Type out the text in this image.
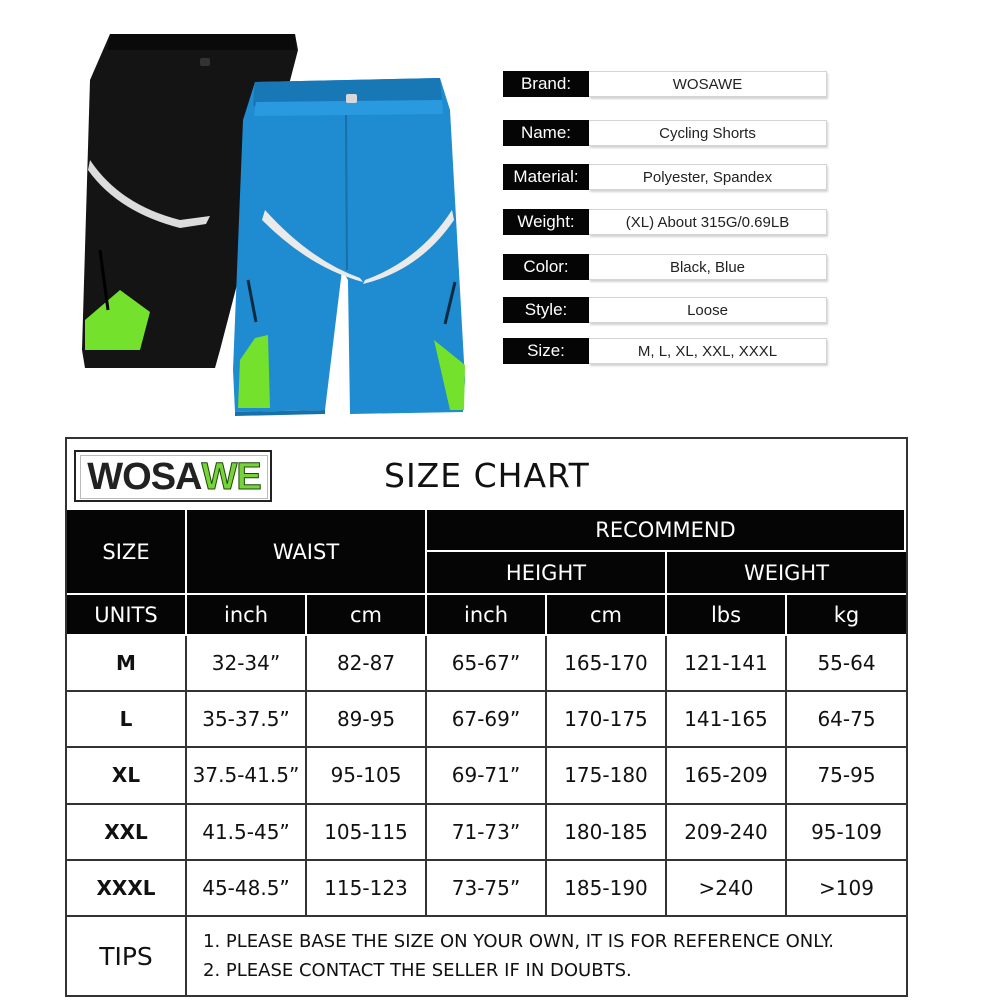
Brand:	WOSAWE
Name:	Cycling Shorts
Material:	Polyester, Spandex
Weight:	(XL) About 315G/0.69LB
Color:	Black, Blue
Style:	Loose
Size:	M, L, XL, XXL, XXXL
WOSA WE	SIZE CHART
SIZE	WAIST
RECOMMEND
HEIGHT	WEIGHT
UNITS	inch	cm	inch	cm	lbs	kg
M	32-34”	82-87	65-67”	165-170	121-141	55-64
L	35-37.5”	89-95	67-69”	170-175	141-165	64-75
XL	37.5-41.5”	95-105	69-71”	175-180	165-209	75-95
XXL	41.5-45”	105-115	71-73”	180-185	209-240	95-109
XXXL	45-48.5”	115-123	73-75”	185-190	>240	>109
TIPS	1. PLEASE BASE THE SIZE ON YOUR OWN, IT IS FOR REFERENCE ONLY.
2. PLEASE CONTACT THE SELLER IF IN DOUBTS.
